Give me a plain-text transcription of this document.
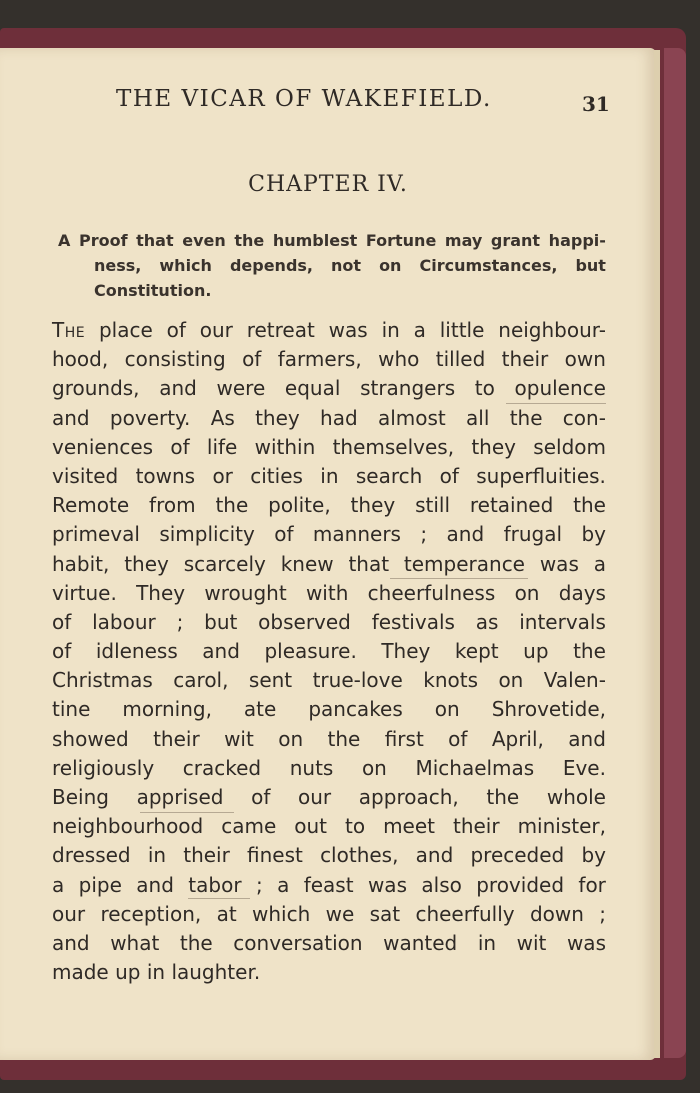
THE VICAR OF WAKEFIELD.	31
CHAPTER IV.
A Proof that even the humblest Fortune may grant happi-
ness, which depends, not on Circumstances, but
Constitution.
The place of our retreat was in a little neighbour-
hood, consisting of farmers, who tilled their own
grounds, and were equal strangers to opulence
and poverty. As they had almost all the con-
veniences of life within themselves, they seldom
visited towns or cities in search of superfluities.
Remote from the polite, they still retained the
primeval simplicity of manners ; and frugal by
habit, they scarcely knew that temperance was a
virtue. They wrought with cheerfulness on days
of labour ; but observed festivals as intervals
of idleness and pleasure. They kept up the
Christmas carol, sent true-love knots on Valen-
tine morning, ate pancakes on Shrovetide,
showed their wit on the first of April, and
religiously cracked nuts on Michaelmas Eve.
Being apprised of our approach, the whole
neighbourhood came out to meet their minister,
dressed in their finest clothes, and preceded by
a pipe and tabor ; a feast was also provided for
our reception, at which we sat cheerfully down ;
and what the conversation wanted in wit was
made up in laughter.
